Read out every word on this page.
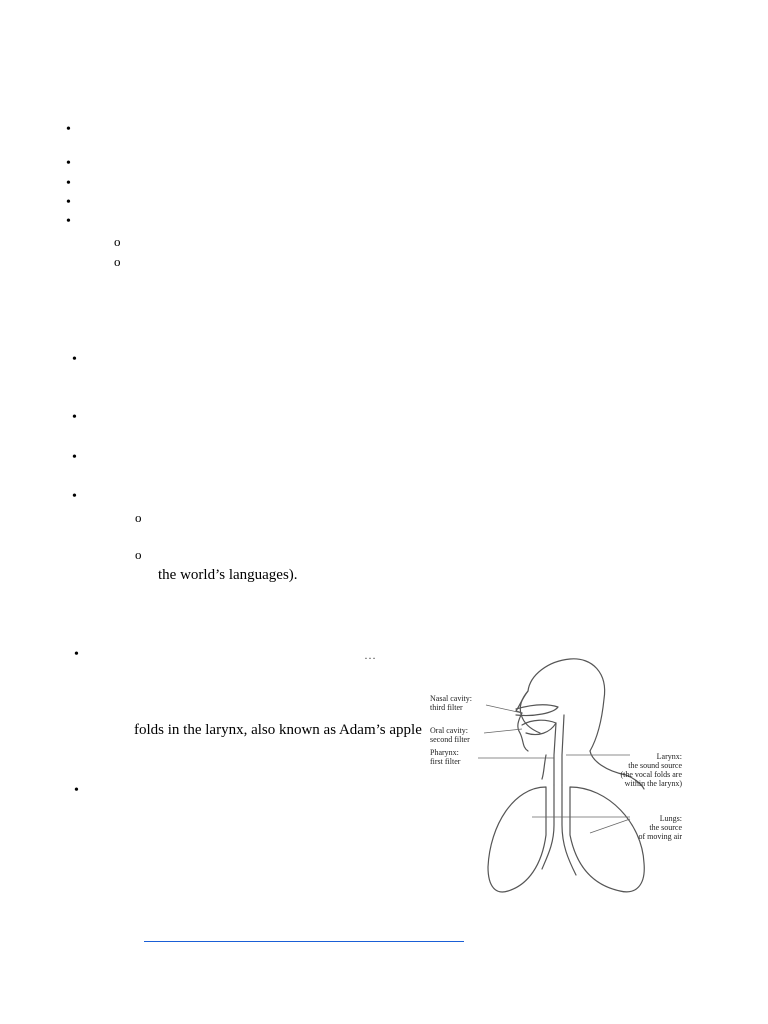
•
•
•
•
•
o
o
•
•
•
•
o
o
the world’s languages).
•	…
folds in the larynx, also known as Adam’s apple
•
Nasal cavity:
third filter
Oral cavity:
second filter
Pharynx:
first filter
Larynx:
the sound source
(the vocal folds are
within the larynx)
Lungs:
the source
of moving air
